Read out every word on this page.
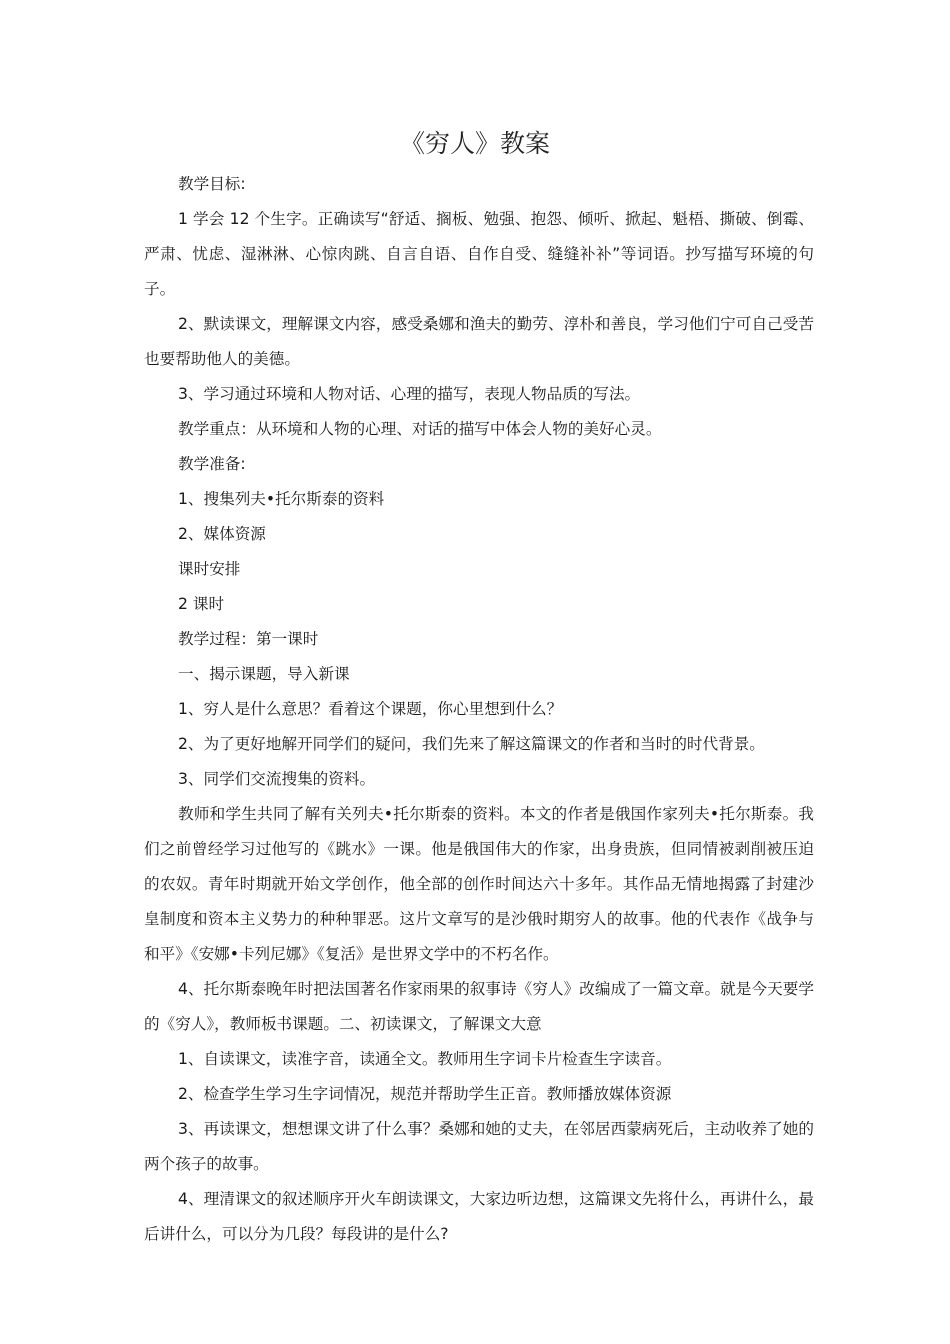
《穷人》教案

教学目标:

1 学会 12 个生字。正确读写“舒适、搁板、勉强、抱怨、倾听、掀起、魁梧、撕破、倒霉、严肃、忧虑、湿淋淋、心惊肉跳、自言自语、自作自受、缝缝补补”等词语。抄写描写环境的句子。

2、默读课文，理解课文内容，感受桑娜和渔夫的勤劳、淳朴和善良，学习他们宁可自己受苦也要帮助他人的美德。

3、学习通过环境和人物对话、心理的描写，表现人物品质的写法。

教学重点：从环境和人物的心理、对话的描写中体会人物的美好心灵。

教学准备:

1、搜集列夫•托尔斯泰的资料

2、媒体资源

课时安排

2 课时

教学过程：第一课时

一、揭示课题，导入新课

1、穷人是什么意思？看着这个课题，你心里想到什么？

2、为了更好地解开同学们的疑问，我们先来了解这篇课文的作者和当时的时代背景。

3、同学们交流搜集的资料。

教师和学生共同了解有关列夫•托尔斯泰的资料。本文的作者是俄国作家列夫•托尔斯泰。我们之前曾经学习过他写的《跳水》一课。他是俄国伟大的作家，出身贵族，但同情被剥削被压迫的农奴。青年时期就开始文学创作，他全部的创作时间达六十多年。其作品无情地揭露了封建沙皇制度和资本主义势力的种种罪恶。这片文章写的是沙俄时期穷人的故事。他的代表作《战争与和平》《安娜•卡列尼娜》《复活》是世界文学中的不朽名作。

4、托尔斯泰晚年时把法国著名作家雨果的叙事诗《穷人》改编成了一篇文章。就是今天要学的《穷人》，教师板书课题。二、初读课文，了解课文大意

1、自读课文，读准字音，读通全文。教师用生字词卡片检查生字读音。

2、检查学生学习生字词情况，规范并帮助学生正音。教师播放媒体资源

3、再读课文，想想课文讲了什么事？桑娜和她的丈夫，在邻居西蒙病死后，主动收养了她的两个孩子的故事。

4、理清课文的叙述顺序开火车朗读课文，大家边听边想，这篇课文先将什么，再讲什么，最后讲什么，可以分为几段？每段讲的是什么?
